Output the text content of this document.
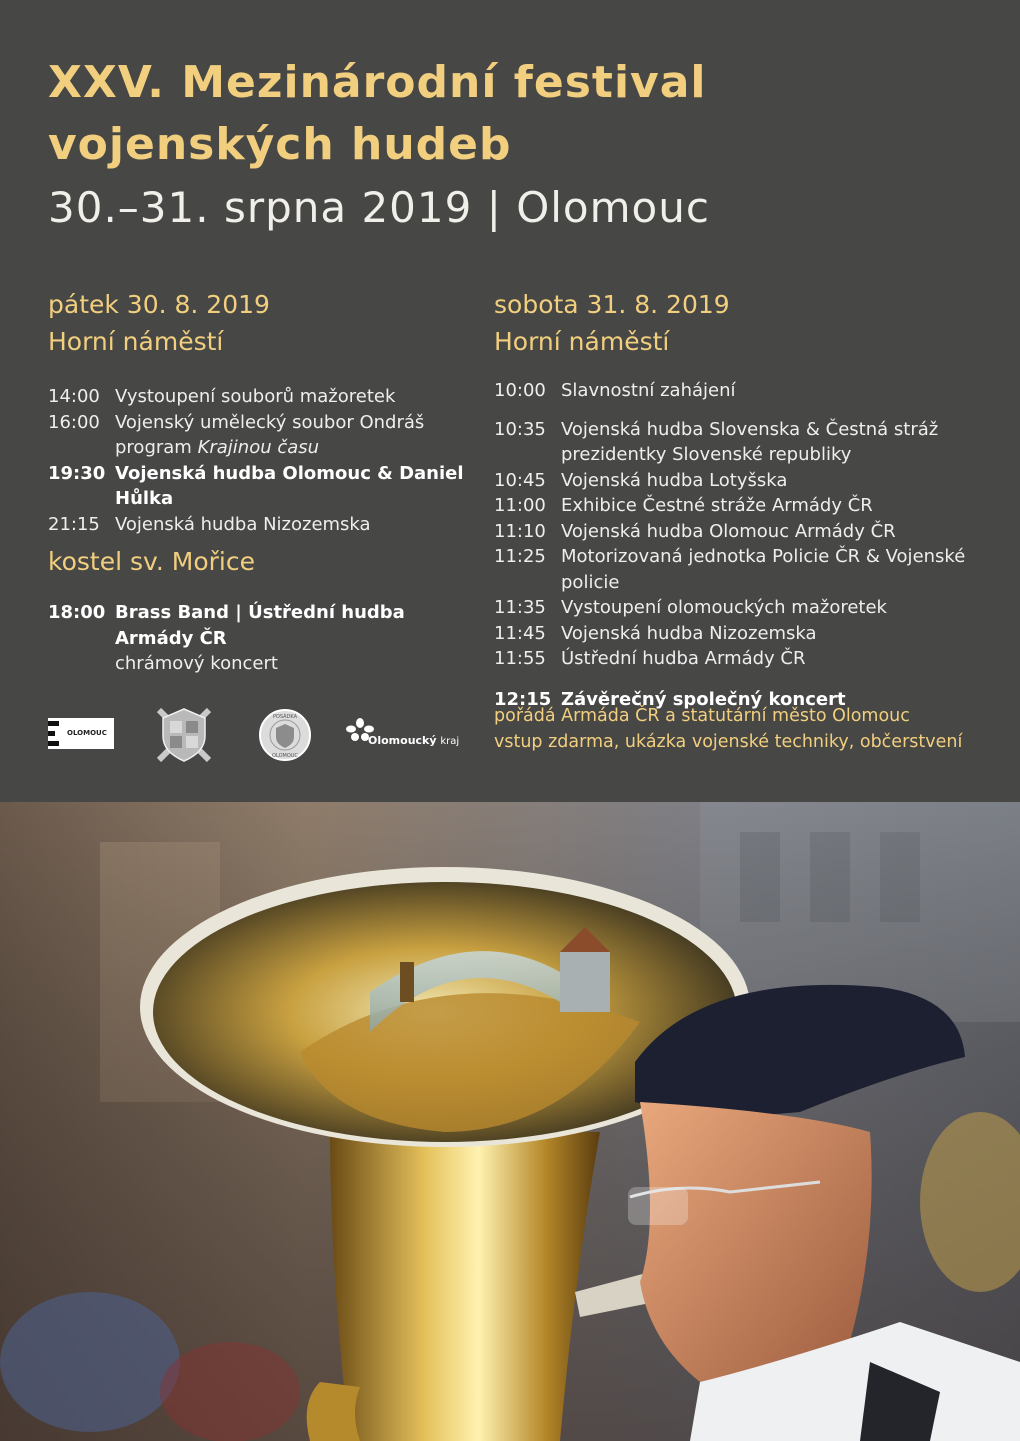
XXV. Mezinárodní festival
vojenských hudeb
30.–31. srpna 2019 | Olomouc
pátek 30. 8. 2019
Horní náměstí
14:00 Vystoupení souborů mažoretek
16:00 Vojenský umělecký soubor Ondráš
program Krajinou času
19:30 Vojenská hudba Olomouc & Daniel Hůlka
21:15 Vojenská hudba Nizozemska
kostel sv. Mořice
18:00 Brass Band | Ústřední hudba Armády ČR
chrámový koncert
sobota 31. 8. 2019
Horní náměstí
10:00 Slavnostní zahájení
10:35 Vojenská hudba Slovenska & Čestná stráž
prezidentky Slovenské republiky
10:45 Vojenská hudba Lotyšska
11:00 Exhibice Čestné stráže Armády ČR
11:10 Vojenská hudba Olomouc Armády ČR
11:25 Motorizovaná jednotka Policie ČR & Vojenské policie
11:35 Vystoupení olomouckých mažoretek
11:45 Vojenská hudba Nizozemska
11:55 Ústřední hudba Armády ČR
12:15 Závěrečný společný koncert
pořádá Armáda ČR a statutární město Olomouc
vstup zdarma, ukázka vojenské techniky, občerstvení
OLOMOUC
POSÁDKA
OLOMOUC
Olomoucký kraj
